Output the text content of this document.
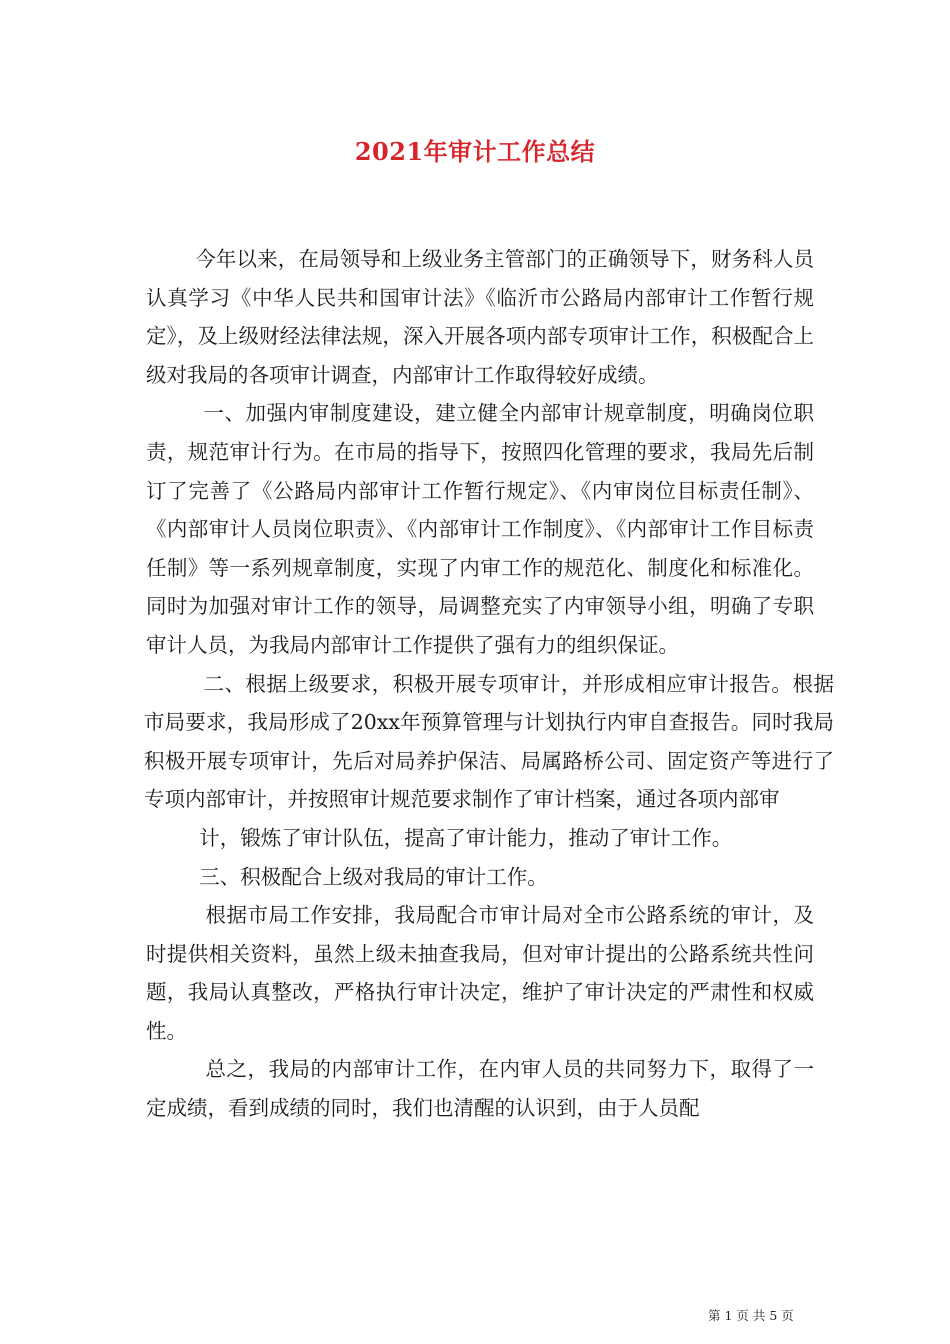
2021年审计工作总结

今年以来，在局领导和上级业务主管部门的正确领导下，财务科人员认真学习《中华人民共和国审计法》《临沂市公路局内部审计工作暂行规定》，及上级财经法律法规，深入开展各项内部专项审计工作，积极配合上级对我局的各项审计调查，内部审计工作取得较好成绩。

一、加强内审制度建设，建立健全内部审计规章制度，明确岗位职责，规范审计行为。在市局的指导下，按照四化管理的要求，我局先后制订了完善了《公路局内部审计工作暂行规定》、《内审岗位目标责任制》、《内部审计人员岗位职责》、《内部审计工作制度》、《内部审计工作目标责任制》等一系列规章制度，实现了内审工作的规范化、制度化和标准化。同时为加强对审计工作的领导，局调整充实了内审领导小组，明确了专职审计人员，为我局内部审计工作提供了强有力的组织保证。

二、根据上级要求，积极开展专项审计，并形成相应审计报告。根据市局要求，我局形成了20xx年预算管理与计划执行内审自查报告。同时我局积极开展专项审计，先后对局养护保洁、局属路桥公司、固定资产等进行了专项内部审计，并按照审计规范要求制作了审计档案，通过各项内部审

计，锻炼了审计队伍，提高了审计能力，推动了审计工作。

三、积极配合上级对我局的审计工作。

根据市局工作安排，我局配合市审计局对全市公路系统的审计，及时提供相关资料，虽然上级未抽查我局，但对审计提出的公路系统共性问题，我局认真整改，严格执行审计决定，维护了审计决定的严肃性和权威性。

总之，我局的内部审计工作，在内审人员的共同努力下，取得了一定成绩，看到成绩的同时，我们也清醒的认识到，由于人员配

第 1 页 共 5 页
